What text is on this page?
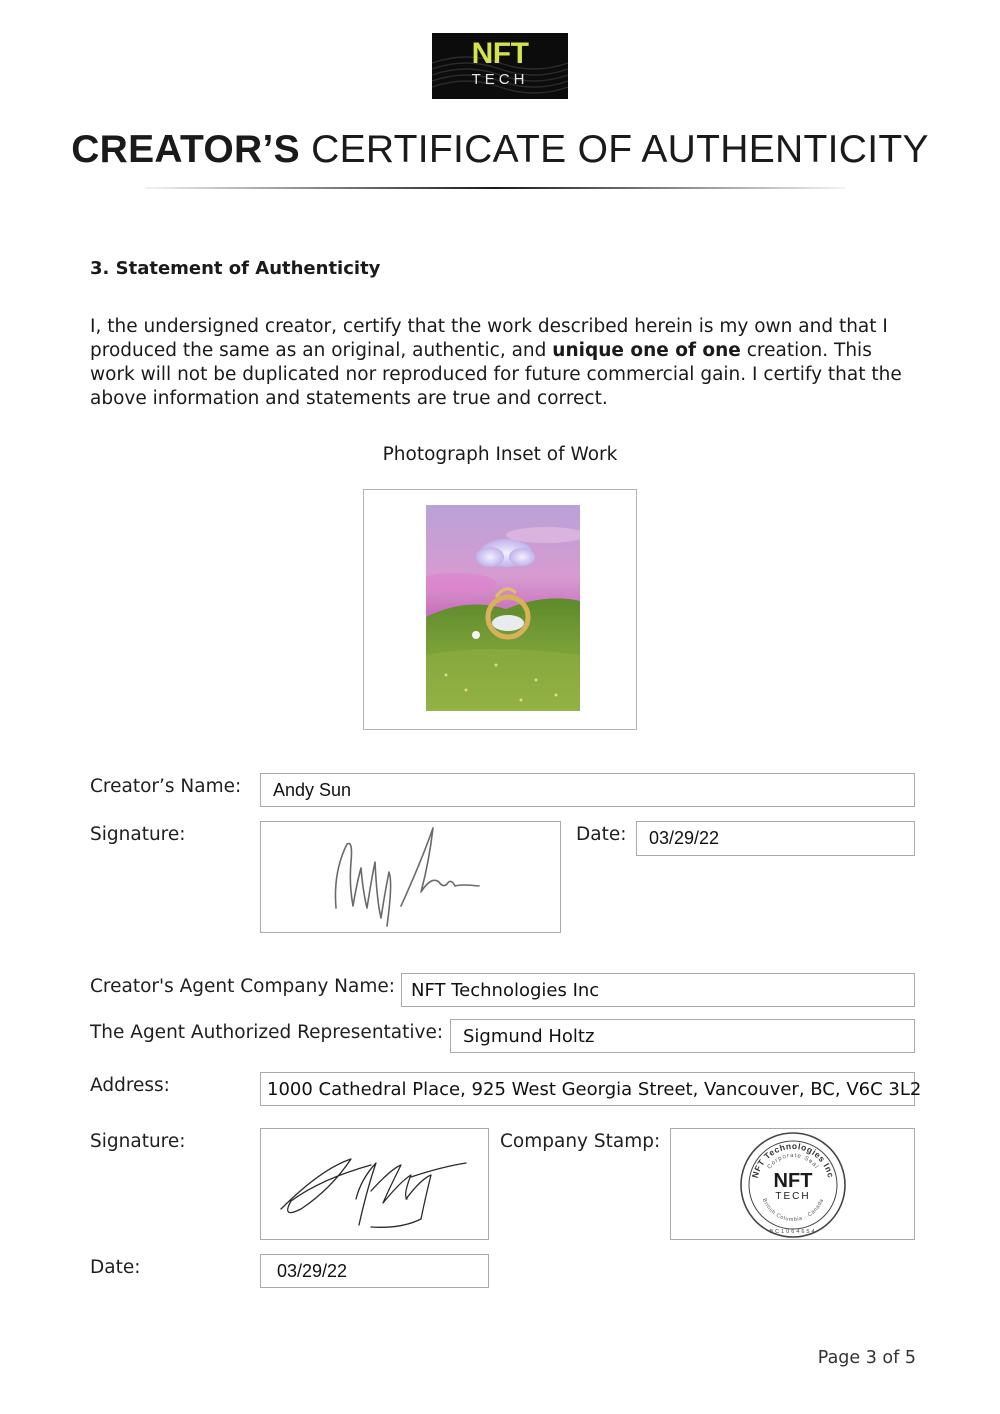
NFT
TECH
CREATOR’S CERTIFICATE OF AUTHENTICITY
3. Statement of Authenticity
I, the undersigned creator, certify that the work described herein is my own and that I produced the same as an original, authentic, and unique one of one creation. This work will not be duplicated nor reproduced for future commercial gain. I certify that the above information and statements are true and correct.
Photograph Inset of Work
Creator’s Name: Andy Sun
Signature:	Date: 03/29/22
Creator's Agent Company Name: NFT Technologies Inc
The Agent Authorized Representative: Sigmund Holtz
Address:	1000 Cathedral Place, 925 West Georgia Street, Vancouver, BC, V6C 3L2
Signature:	Company Stamp:
NFT Technologies Inc
Corporate Seal
British Columbia · Canada
BC1064654
NFT
TECH
Date:	03/29/22
Page 3 of 5
